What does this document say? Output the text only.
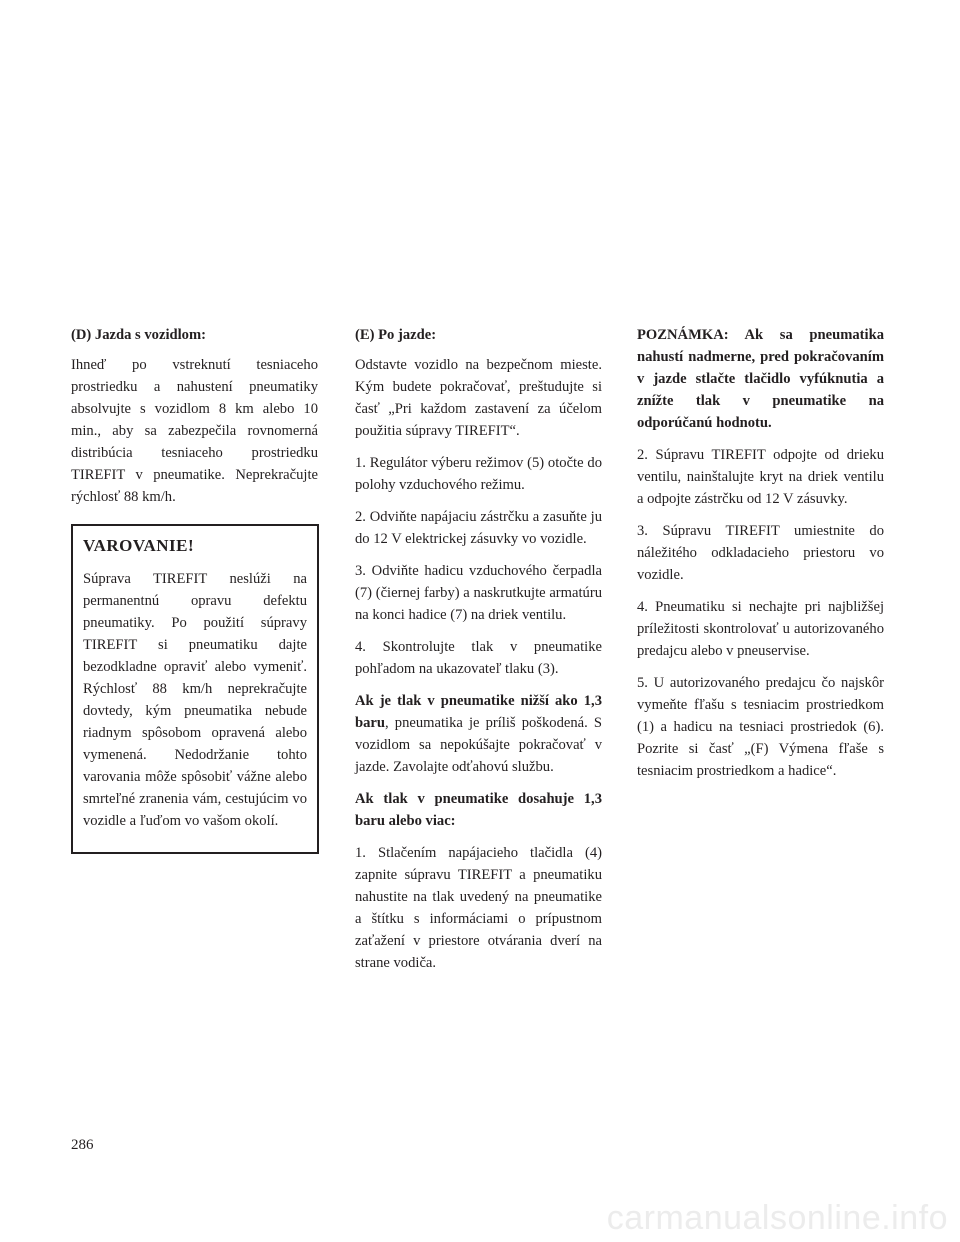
(D) Jazda s vozidlom:

Ihneď po vstreknutí tesniaceho prostriedku a nahustení pneumatiky absolvujte s vozidlom 8 km alebo 10 min., aby sa zabezpečila rovnomerná distribúcia tesniaceho prostriedku TIREFIT v pneumatike. Neprekračujte rýchlosť 88 km/h.

VAROVANIE!

Súprava TIREFIT neslúži na permanentnú opravu defektu pneumatiky. Po použití súpravy TIREFIT si pneumatiku dajte bezodkladne opraviť alebo vymeniť. Rýchlosť 88 km/h neprekračujte dovtedy, kým pneumatika nebude riadnym spôsobom opravená alebo vymenená. Nedodržanie tohto varovania môže spôsobiť vážne alebo smrteľné zranenia vám, cestujúcim vo vozidle a ľuďom vo vašom okolí.

(E) Po jazde:

Odstavte vozidlo na bezpečnom mieste. Kým budete pokračovať, preštudujte si časť „Pri každom zastavení za účelom použitia súpravy TIREFIT“.

1. Regulátor výberu režimov (5) otočte do polohy vzduchového režimu.

2. Odviňte napájaciu zástrčku a zasuňte ju do 12 V elektrickej zásuvky vo vozidle.

3. Odviňte hadicu vzduchového čerpadla (7) (čiernej farby) a naskrutkujte armatúru na konci hadice (7) na driek ventilu.

4. Skontrolujte tlak v pneumatike pohľadom na ukazovateľ tlaku (3).

Ak je tlak v pneumatike nižší ako 1,3 baru, pneumatika je príliš poškodená. S vozidlom sa nepokúšajte pokračovať v jazde. Zavolajte odťahovú službu.

Ak tlak v pneumatike dosahuje 1,3 baru alebo viac:

1. Stlačením napájacieho tlačidla (4) zapnite súpravu TIREFIT a pneumatiku nahustite na tlak uvedený na pneumatike a štítku s informáciami o prípustnom zaťažení v priestore otvárania dverí na strane vodiča.

POZNÁMKA: Ak sa pneumatika nahustí nadmerne, pred pokračovaním v jazde stlačte tlačidlo vyfúknutia a znížte tlak v pneumatike na odporúčanú hodnotu.

2. Súpravu TIREFIT odpojte od drieku ventilu, nainštalujte kryt na driek ventilu a odpojte zástrčku od 12 V zásuvky.

3. Súpravu TIREFIT umiestnite do náležitého odkladacieho priestoru vo vozidle.

4. Pneumatiku si nechajte pri najbližšej príležitosti skontrolovať u autorizovaného predajcu alebo v pneuservise.

5. U autorizovaného predajcu čo najskôr vymeňte fľašu s tesniacim prostriedkom (1) a hadicu na tesniaci prostriedok (6). Pozrite si časť „(F) Výmena fľaše s tesniacim prostriedkom a hadice“.

286
carmanualsonline.info
